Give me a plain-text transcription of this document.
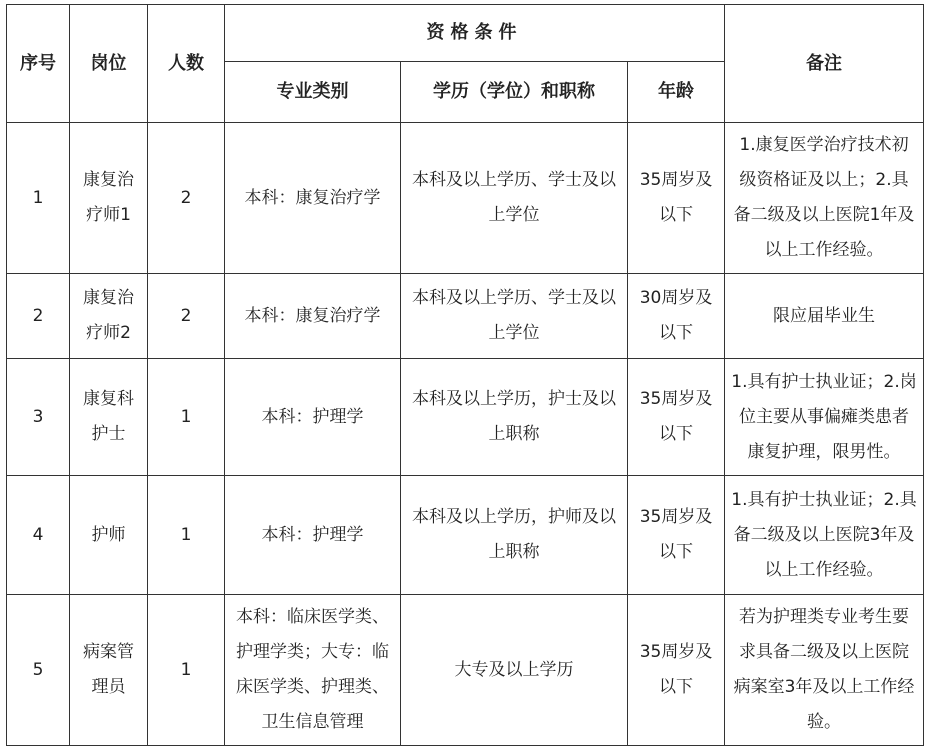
序号	岗位	人数	资格条件			备注
			专业类别	学历（学位）和职称	年龄	
1	康复治疗师1	2	本科：康复治疗学	本科及以上学历、学士及以上学位	35周岁及以下	1.康复医学治疗技术初级资格证及以上；2.具备二级及以上医院1年及以上工作经验。
2	康复治疗师2	2	本科：康复治疗学	本科及以上学历、学士及以上学位	30周岁及以下	限应届毕业生
3	康复科护士	1	本科：护理学	本科及以上学历，护士及以上职称	35周岁及以下	1.具有护士执业证；2.岗位主要从事偏瘫类患者康复护理，限男性。
4	护师	1	本科：护理学	本科及以上学历，护师及以上职称	35周岁及以下	1.具有护士执业证；2.具备二级及以上医院3年及以上工作经验。
5	病案管理员	1	本科：临床医学类、护理学类；大专：临床医学类、护理类、卫生信息管理	大专及以上学历	35周岁及以下	若为护理类专业考生要求具备二级及以上医院病案室3年及以上工作经验。
